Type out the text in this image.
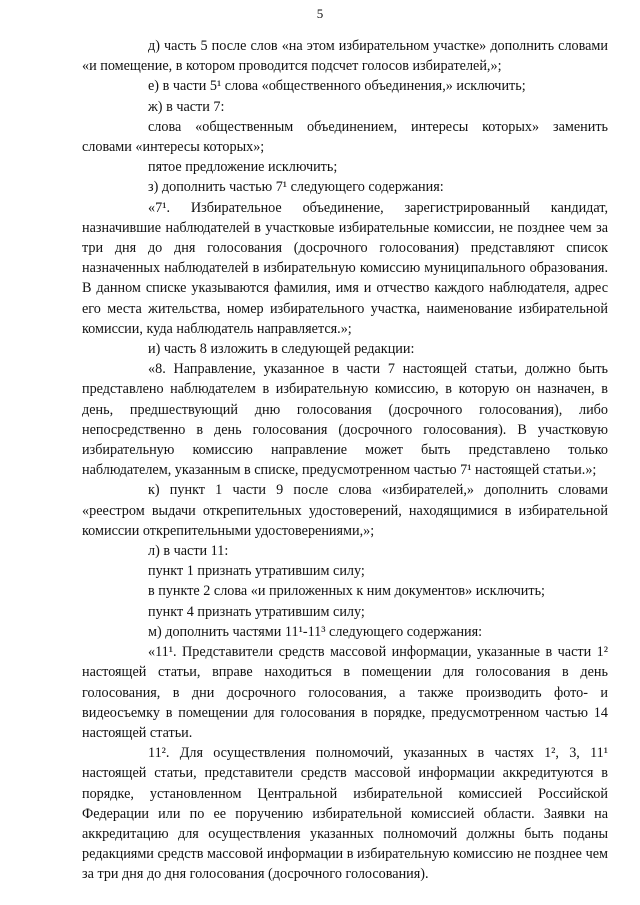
5

д) часть 5 после слов «на этом избирательном участке» дополнить словами «и помещение, в котором проводится подсчет голосов избирателей,»;

е) в части 5¹ слова «общественного объединения,» исключить;

ж) в части 7:

слова «общественным объединением, интересы которых» заменить словами «интересы которых»;

пятое предложение исключить;

з) дополнить частью 7¹ следующего содержания:

«7¹. Избирательное объединение, зарегистрированный кандидат, назначившие наблюдателей в участковые избирательные комиссии, не позднее чем за три дня до дня голосования (досрочного голосования) представляют список назначенных наблюдателей в избирательную комиссию муниципального образования. В данном списке указываются фамилия, имя и отчество каждого наблюдателя, адрес его места жительства, номер избирательного участка, наименование избирательной комиссии, куда наблюдатель направляется.»;

и) часть 8 изложить в следующей редакции:

«8. Направление, указанное в части 7 настоящей статьи, должно быть представлено наблюдателем в избирательную комиссию, в которую он назначен, в день, предшествующий дню голосования (досрочного голосования), либо непосредственно в день голосования (досрочного голосования). В участковую избирательную комиссию направление может быть представлено только наблюдателем, указанным в списке, предусмотренном частью 7¹ настоящей статьи.»;

к) пункт 1 части 9 после слова «избирателей,» дополнить словами «реестром выдачи открепительных удостоверений, находящимися в избирательной комиссии открепительными удостоверениями,»;

л) в части 11:

пункт 1 признать утратившим силу;

в пункте 2 слова «и приложенных к ним документов» исключить;

пункт 4 признать утратившим силу;

м) дополнить частями 11¹-11³ следующего содержания:

«11¹. Представители средств массовой информации, указанные в части 1² настоящей статьи, вправе находиться в помещении для голосования в день голосования, в дни досрочного голосования, а также производить фото- и видеосъемку в помещении для голосования в порядке, предусмотренном частью 14 настоящей статьи.

11². Для осуществления полномочий, указанных в частях 1², 3, 11¹ настоящей статьи, представители средств массовой информации аккредитуются в порядке, установленном Центральной избирательной комиссией Российской Федерации или по ее поручению избирательной комиссией области. Заявки на аккредитацию для осуществления указанных полномочий должны быть поданы редакциями средств массовой информации в избирательную комиссию не позднее чем за три дня до дня голосования (досрочного голосования).
